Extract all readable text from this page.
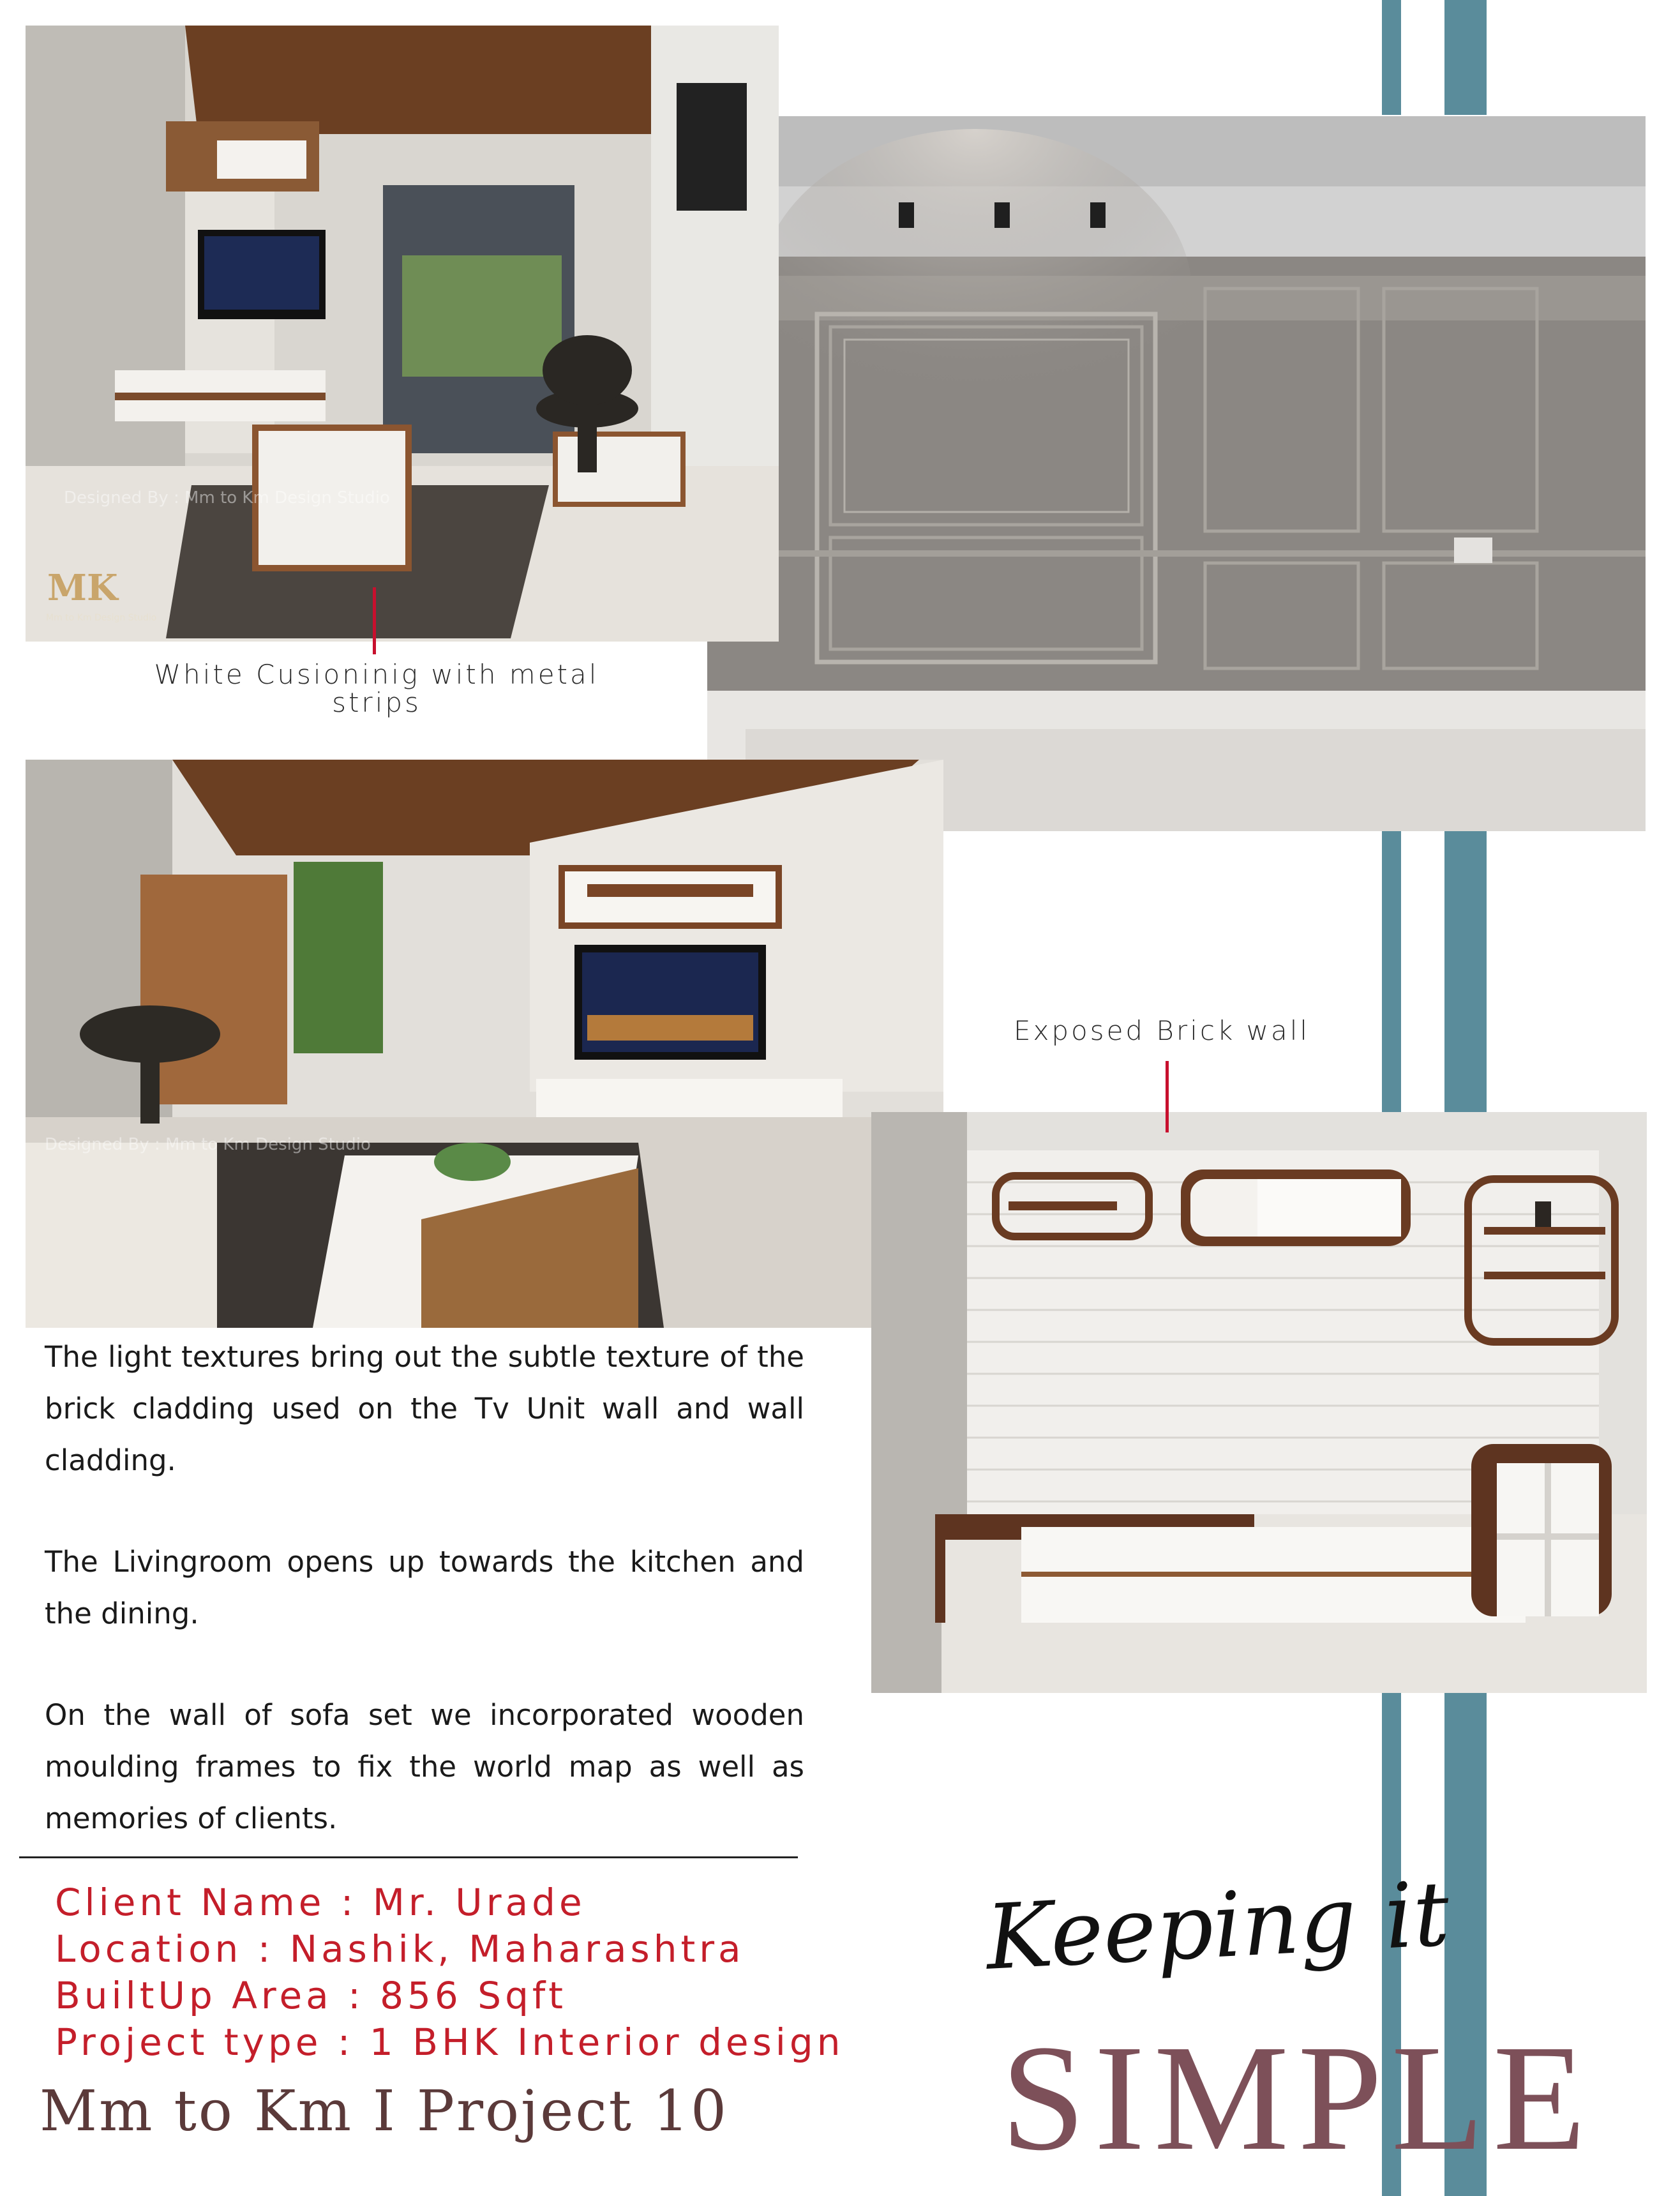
Designed By : Mm to Km Design Studio
MK
Mm to Km Design Studio
White Cusioninig with metal strips
Designed By : Mm to Km Design Studio
Exposed Brick wall

The light textures bring out the subtle texture of the brick cladding used on the Tv Unit wall and wall cladding.

The Livingroom opens up towards the kitchen and the dining.

On the wall of sofa set we incorporated wooden moulding frames to fix the world map as well as memories of clients.

Client Name : Mr. Urade
Location : Nashik, Maharashtra
BuiltUp Area : 856 Sqft
Project type : 1 BHK Interior design
Mm to Km I Project 10
Keeping it
SIMPLE
